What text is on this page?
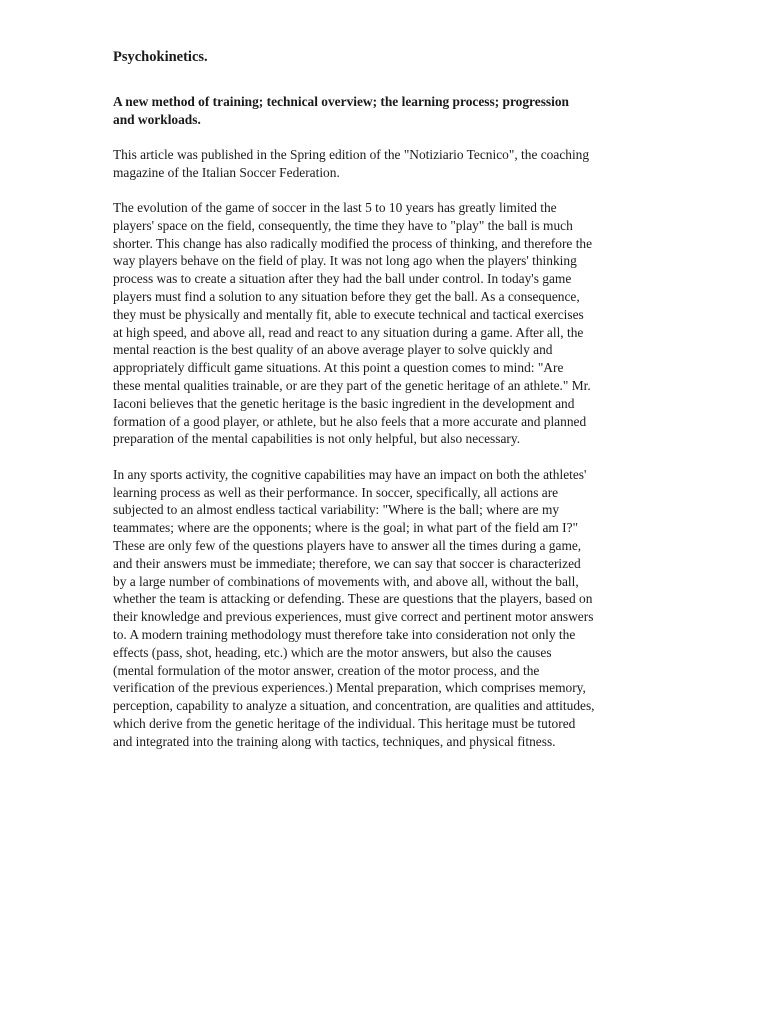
Psychokinetics.
A new method of training; technical overview; the learning process; progression
and workloads.
This article was published in the Spring edition of the "Notiziario Tecnico", the coaching
magazine of the Italian Soccer Federation.
The evolution of the game of soccer in the last 5 to 10 years has greatly limited the
players' space on the field, consequently, the time they have to "play" the ball is much
shorter. This change has also radically modified the process of thinking, and therefore the
way players behave on the field of play. It was not long ago when the players' thinking
process was to create a situation after they had the ball under control. In today's game
players must find a solution to any situation before they get the ball. As a consequence,
they must be physically and mentally fit, able to execute technical and tactical exercises
at high speed, and above all, read and react to any situation during a game. After all, the
mental reaction is the best quality of an above average player to solve quickly and
appropriately difficult game situations. At this point a question comes to mind: "Are
these mental qualities trainable, or are they part of the genetic heritage of an athlete." Mr.
Iaconi believes that the genetic heritage is the basic ingredient in the development and
formation of a good player, or athlete, but he also feels that a more accurate and planned
preparation of the mental capabilities is not only helpful, but also necessary.
In any sports activity, the cognitive capabilities may have an impact on both the athletes'
learning process as well as their performance. In soccer, specifically, all actions are
subjected to an almost endless tactical variability: "Where is the ball; where are my
teammates; where are the opponents; where is the goal; in what part of the field am I?"
These are only few of the questions players have to answer all the times during a game,
and their answers must be immediate; therefore, we can say that soccer is characterized
by a large number of combinations of movements with, and above all, without the ball,
whether the team is attacking or defending. These are questions that the players, based on
their knowledge and previous experiences, must give correct and pertinent motor answers
to. A modern training methodology must therefore take into consideration not only the
effects (pass, shot, heading, etc.) which are the motor answers, but also the causes
(mental formulation of the motor answer, creation of the motor process, and the
verification of the previous experiences.) Mental preparation, which comprises memory,
perception, capability to analyze a situation, and concentration, are qualities and attitudes,
which derive from the genetic heritage of the individual. This heritage must be tutored
and integrated into the training along with tactics, techniques, and physical fitness.
